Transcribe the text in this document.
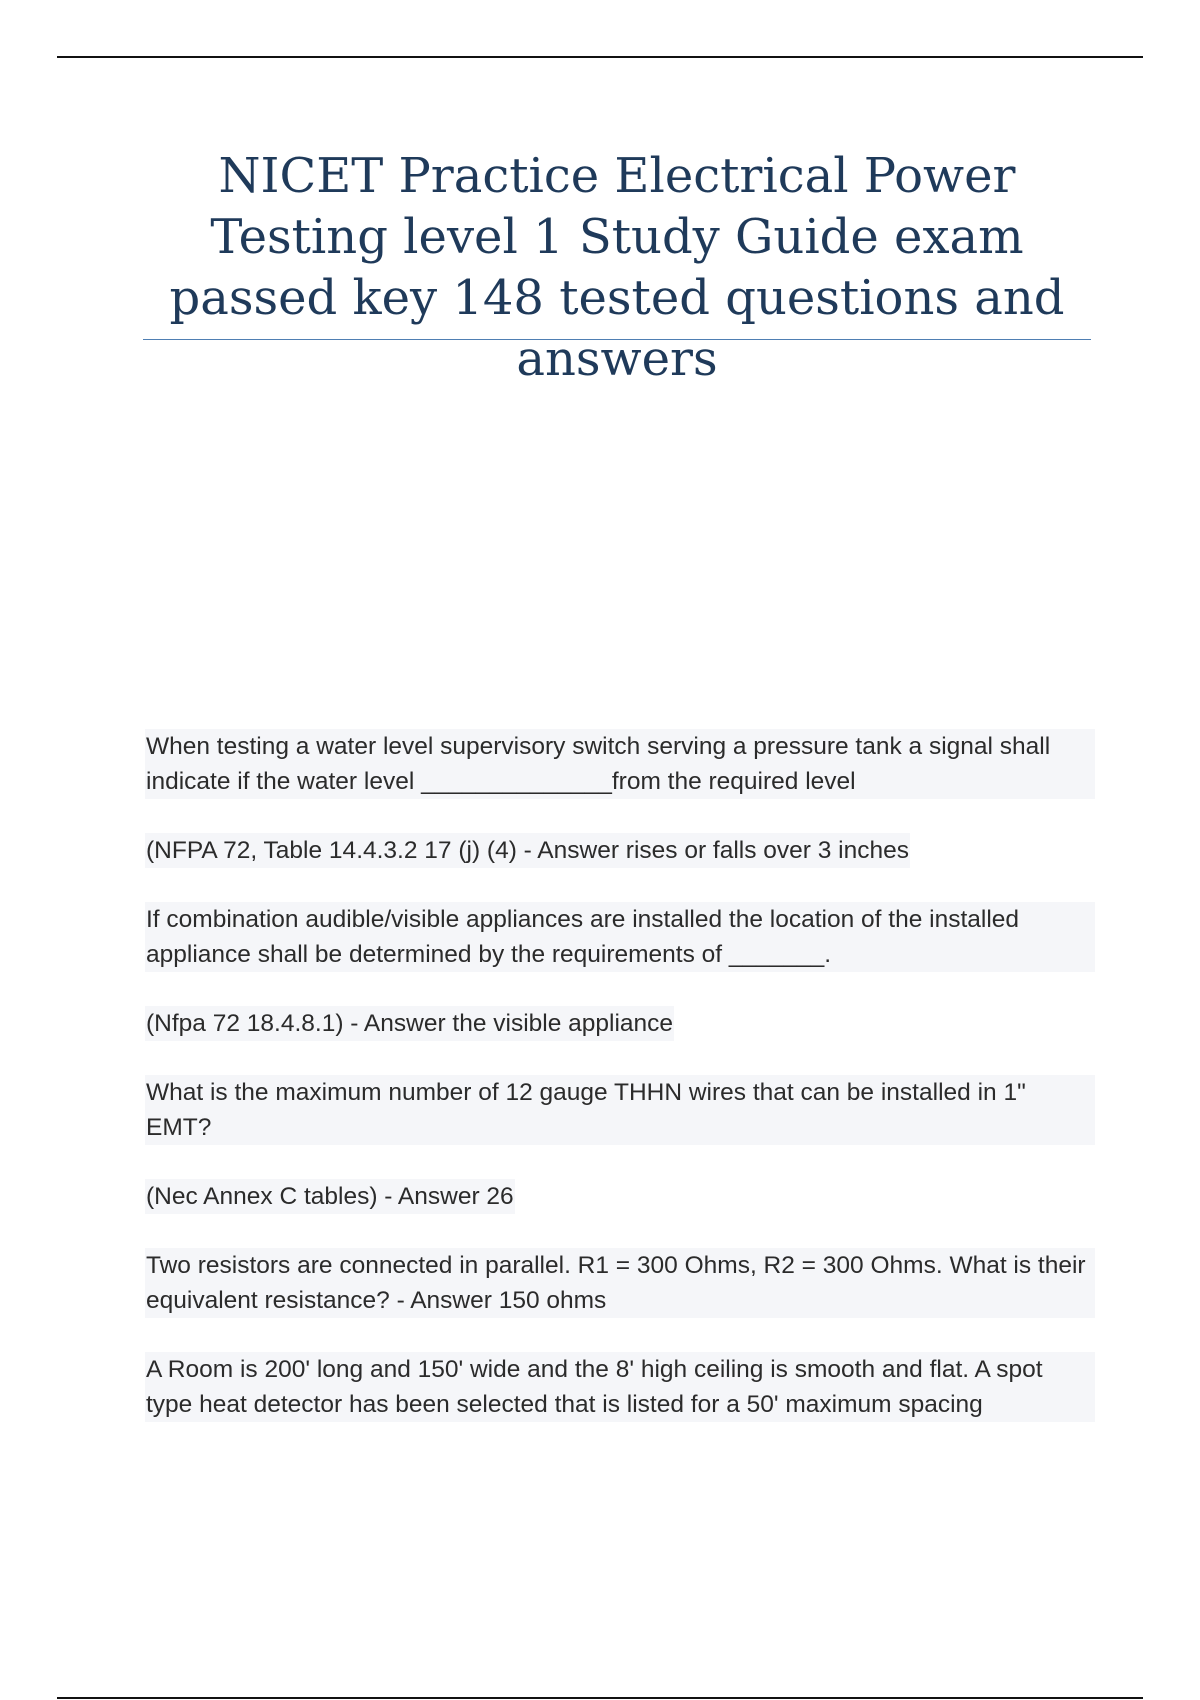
NICET Practice Electrical Power Testing level 1 Study Guide exam passed key 148 tested questions and answers

When testing a water level supervisory switch serving a pressure tank a signal shall indicate if the water level ______________from the required level

(NFPA 72, Table 14.4.3.2 17 (j) (4) - Answer rises or falls over 3 inches

If combination audible/visible appliances are installed the location of the installed appliance shall be determined by the requirements of _______.

(Nfpa 72 18.4.8.1) - Answer the visible appliance

What is the maximum number of 12 gauge THHN wires that can be installed in 1" EMT?

(Nec Annex C tables) - Answer 26

Two resistors are connected in parallel. R1 = 300 Ohms, R2 = 300 Ohms. What is their equivalent resistance? - Answer 150 ohms

A Room is 200' long and 150' wide and the 8' high ceiling is smooth and flat. A spot type heat detector has been selected that is listed for a 50' maximum spacing
